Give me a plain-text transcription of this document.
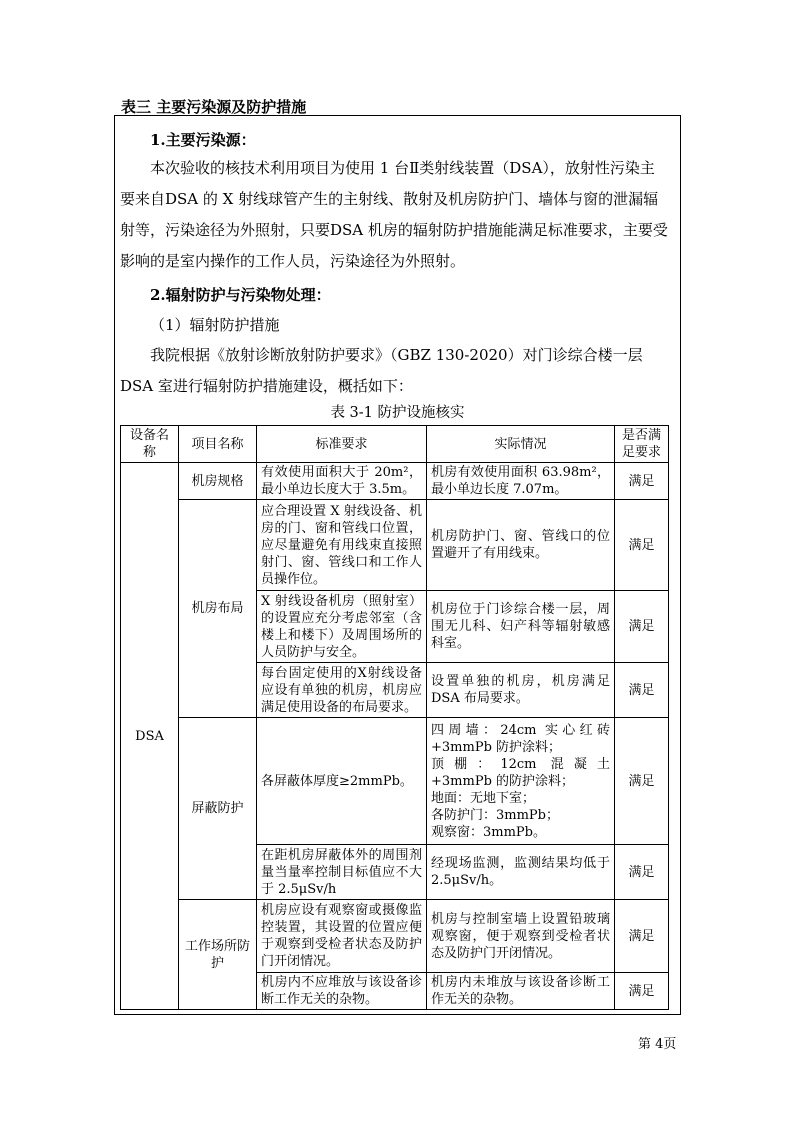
表三 主要污染源及防护措施
1.主要污染源：
本次验收的核技术利用项目为使用 1 台Ⅱ类射线装置（DSA），放射性污染主要来自DSA 的 X 射线球管产生的主射线、散射及机房防护门、墙体与窗的泄漏辐射等，污染途径为外照射，只要DSA 机房的辐射防护措施能满足标准要求，主要受影响的是室内操作的工作人员，污染途径为外照射。
2.辐射防护与污染物处理：
（1）辐射防护措施
我院根据《放射诊断放射防护要求》（GBZ 130-2020）对门诊综合楼一层DSA 室进行辐射防护措施建设，概括如下：
表 3-1 防护设施核实
设备名称	项目名称	标准要求	实际情况	是否满足要求
DSA	机房规格	有效使用面积大于 20m²，最小单边长度大于 3.5m。	机房有效使用面积 63.98m²，最小单边长度 7.07m。	满足
	机房布局	应合理设置 X 射线设备、机房的门、窗和管线口位置，应尽量避免有用线束直接照射门、窗、管线口和工作人员操作位。	机房防护门、窗、管线口的位置避开了有用线束。	满足
		X 射线设备机房（照射室）的设置应充分考虑邻室（含楼上和楼下）及周围场所的人员防护与安全。	机房位于门诊综合楼一层，周围无儿科、妇产科等辐射敏感科室。	满足
		每台固定使用的X射线设备应设有单独的机房，机房应满足使用设备的布局要求。	设置单独的机房，机房满足DSA 布局要求。	满足
	屏蔽防护	各屏蔽体厚度≥2mmPb。	四周墙：24cm 实心红砖+3mmPb 防护涂料；
顶棚：12cm 混凝土+3mmPb 的防护涂料；
地面：无地下室；
各防护门：3mmPb；
观察窗：3mmPb。	满足
		在距机房屏蔽体外的周围剂量当量率控制目标值应不大于 2.5μSv/h	经现场监测，监测结果均低于 2.5μSv/h。	满足
	工作场所防护	机房应设有观察窗或摄像监控装置，其设置的位置应便于观察到受检者状态及防护门开闭情况。	机房与控制室墙上设置铅玻璃观察窗，便于观察到受检者状态及防护门开闭情况。	满足
		机房内不应堆放与该设备诊断工作无关的杂物。	机房内未堆放与该设备诊断工作无关的杂物。	满足
第 4页
